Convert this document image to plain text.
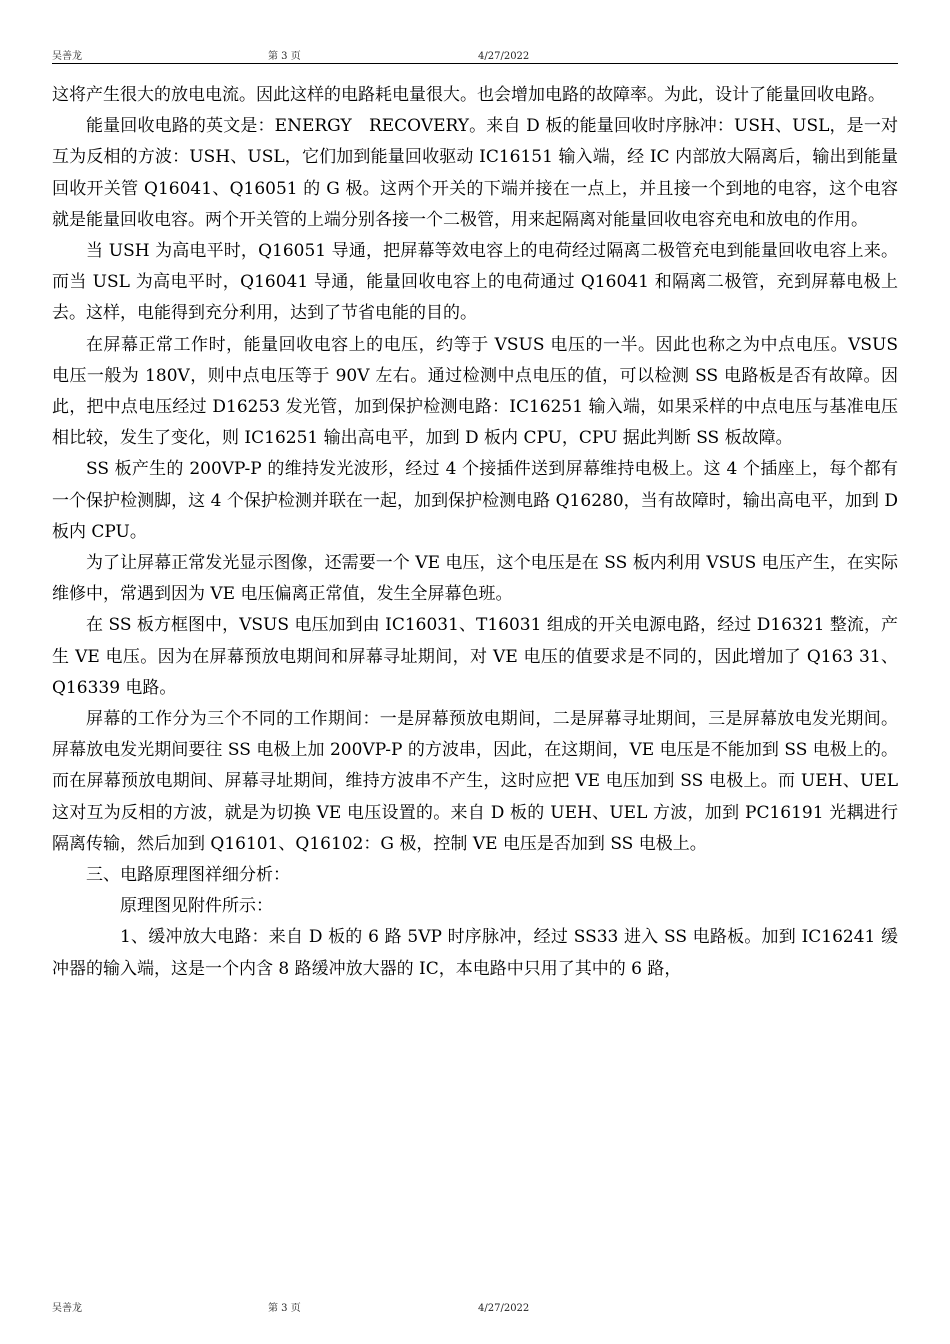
吴善龙	第 3 页	4/27/2022

这将产生很大的放电电流。因此这样的电路耗电量很大。也会增加电路的故障率。为此，设计了能量回收电路。

能量回收电路的英文是：ENERGY　RECOVERY。来自 D 板的能量回收时序脉冲：USH、USL，是一对互为反相的方波：USH、USL，它们加到能量回收驱动 IC16151 输入端，经 IC 内部放大隔离后，输出到能量回收开关管 Q16041、Q16051 的 G 极。这两个开关的下端并接在一点上，并且接一个到地的电容，这个电容就是能量回收电容。两个开关管的上端分别各接一个二极管，用来起隔离对能量回收电容充电和放电的作用。

当 USH 为高电平时，Q16051 导通，把屏幕等效电容上的电荷经过隔离二极管充电到能量回收电容上来。而当 USL 为高电平时，Q16041 导通，能量回收电容上的电荷通过 Q16041 和隔离二极管，充到屏幕电极上去。这样，电能得到充分利用，达到了节省电能的目的。

在屏幕正常工作时，能量回收电容上的电压，约等于 VSUS 电压的一半。因此也称之为中点电压。VSUS 电压一般为 180V，则中点电压等于 90V 左右。通过检测中点电压的值，可以检测 SS 电路板是否有故障。因此，把中点电压经过 D16253 发光管，加到保护检测电路：IC16251 输入端，如果采样的中点电压与基准电压相比较，发生了变化，则 IC16251 输出高电平，加到 D 板内 CPU，CPU 据此判断 SS 板故障。

SS 板产生的 200VP-P 的维持发光波形，经过 4 个接插件送到屏幕维持电极上。这 4 个插座上，每个都有一个保护检测脚，这 4 个保护检测并联在一起，加到保护检测电路 Q16280，当有故障时，输出高电平，加到 D 板内 CPU。

为了让屏幕正常发光显示图像，还需要一个 VE 电压，这个电压是在 SS 板内利用 VSUS 电压产生，在实际维修中，常遇到因为 VE 电压偏离正常值，发生全屏幕色班。

在 SS 板方框图中，VSUS 电压加到由 IC16031、T16031 组成的开关电源电路，经过 D16321 整流，产生 VE 电压。因为在屏幕预放电期间和屏幕寻址期间，对 VE 电压的值要求是不同的，因此增加了 Q163 31、Q16339 电路。

屏幕的工作分为三个不同的工作期间：一是屏幕预放电期间，二是屏幕寻址期间，三是屏幕放电发光期间。屏幕放电发光期间要往 SS 电极上加 200VP-P 的方波串，因此，在这期间，VE 电压是不能加到 SS 电极上的。而在屏幕预放电期间、屏幕寻址期间，维持方波串不产生，这时应把 VE 电压加到 SS 电极上。而 UEH、UEL 这对互为反相的方波，就是为切换 VE 电压设置的。来自 D 板的 UEH、UEL 方波，加到 PC16191 光耦进行隔离传输，然后加到 Q16101、Q16102：G 极，控制 VE 电压是否加到 SS 电极上。

三、电路原理图祥细分析：

原理图见附件所示：

1、缓冲放大电路：来自 D 板的 6 路 5VP 时序脉冲，经过 SS33 进入 SS 电路板。加到 IC16241 缓冲器的输入端，这是一个内含 8 路缓冲放大器的 IC，本电路中只用了其中的 6 路，

吴善龙	第 3 页	4/27/2022
